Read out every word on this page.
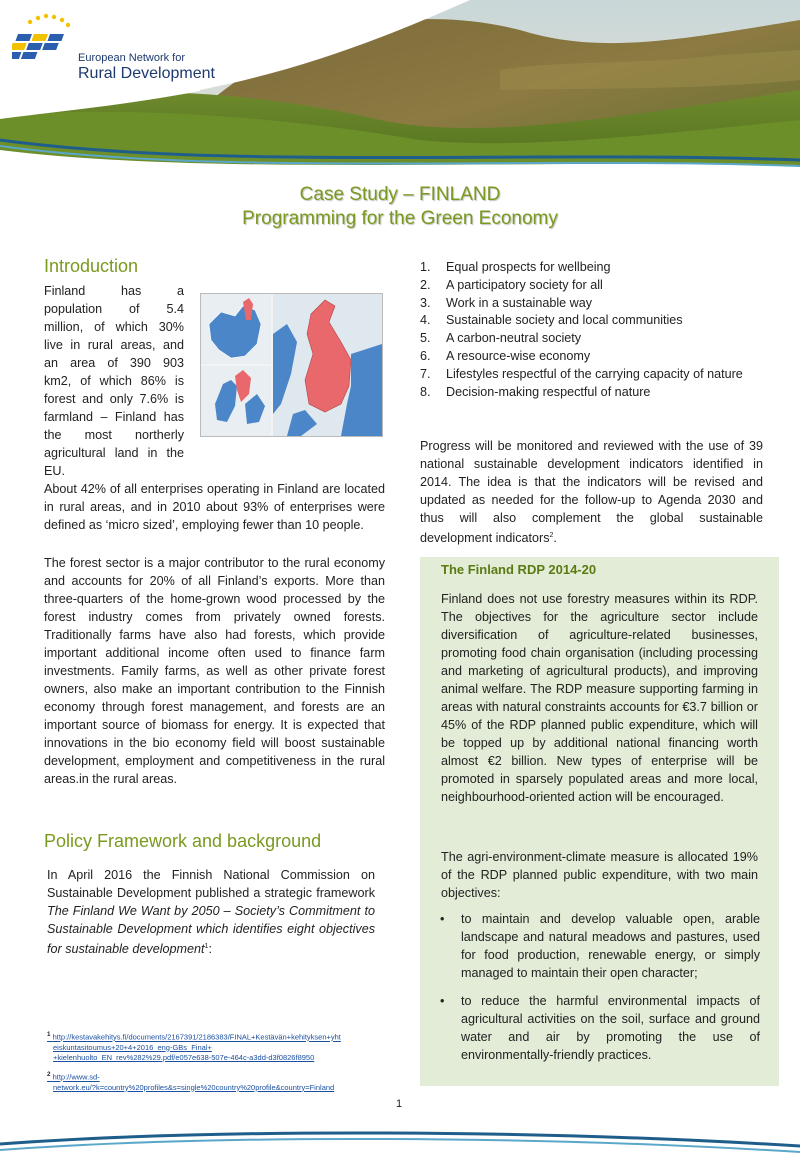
European Network for
Rural Development
Case Study – FINLAND
Programming for the Green Economy
Introduction
Finland has a
population of 5.4
million, of which 30%
live in rural areas, and
an area of 390 903
km2, of which 86% is
forest and only 7.6% is
farmland – Finland has
the most northerly
agricultural land in the
EU.
About 42% of all enterprises operating in Finland are located in rural areas, and in 2010 about 93% of enterprises were defined as ‘micro sized’, employing fewer than 10 people.
The forest sector is a major contributor to the rural economy and accounts for 20% of all Finland’s exports. More than three-quarters of the home-grown wood processed by the forest industry comes from privately owned forests. Traditionally farms have also had forests, which provide important additional income often used to finance farm investments. Family farms, as well as other private forest owners, also make an important contribution to the Finnish economy through forest management, and forests are an important source of biomass for energy. It is expected that innovations in the bio economy field will boost sustainable development, employment and competitiveness in the rural areas.in the rural areas.
Policy Framework and background
In April 2016 the Finnish National Commission on Sustainable Development published a strategic framework The Finland We Want by 2050 – Society’s Commitment to Sustainable Development which identifies eight objectives for sustainable development$^1$:
$^1$ http://kestavakehitys.fi/documents/2167391/2186383/FINAL+Kestävän+kehityksen+yht
eiskuntasitoumus+20+4+2016_eng-GBs_Final+
+kielenhuolto_EN_rev%282%29.pdf/e057e638-507e-464c-a3dd-d3f0826f8950
$^2$ http://www.sd-
network.eu/?k=country%20profiles&s=single%20country%20profile&country=Finland
1.	Equal prospects for wellbeing
2.	A participatory society for all
3.	Work in a sustainable way
4.	Sustainable society and local communities
5.	A carbon-neutral society
6.	A resource-wise economy
7.	Lifestyles respectful of the carrying capacity of nature
8.	Decision-making respectful of nature
Progress will be monitored and reviewed with the use of 39 national sustainable development indicators identified in 2014. The idea is that the indicators will be revised and updated as needed for the follow-up to Agenda 2030 and thus will also complement the global sustainable development indicators$^2$.
The Finland RDP 2014-20
Finland does not use forestry measures within its RDP. The objectives for the agriculture sector include diversification of agriculture-related businesses, promoting food chain organisation (including processing and marketing of agricultural products), and improving animal welfare. The RDP measure supporting farming in areas with natural constraints accounts for €3.7 billion or 45% of the RDP planned public expenditure, which will be topped up by additional national financing worth almost €2 billion. New types of enterprise will be promoted in sparsely populated areas and more local, neighbourhood-oriented action will be encouraged.
The agri-environment-climate measure is allocated 19% of the RDP planned public expenditure, with two main objectives:
•	to maintain and develop valuable open, arable landscape and natural meadows and pastures, used for food production, renewable energy, or simply managed to maintain their open character;
•	to reduce the harmful environmental impacts of agricultural activities on the soil, surface and ground water and air by promoting the use of environmentally-friendly practices.
1
